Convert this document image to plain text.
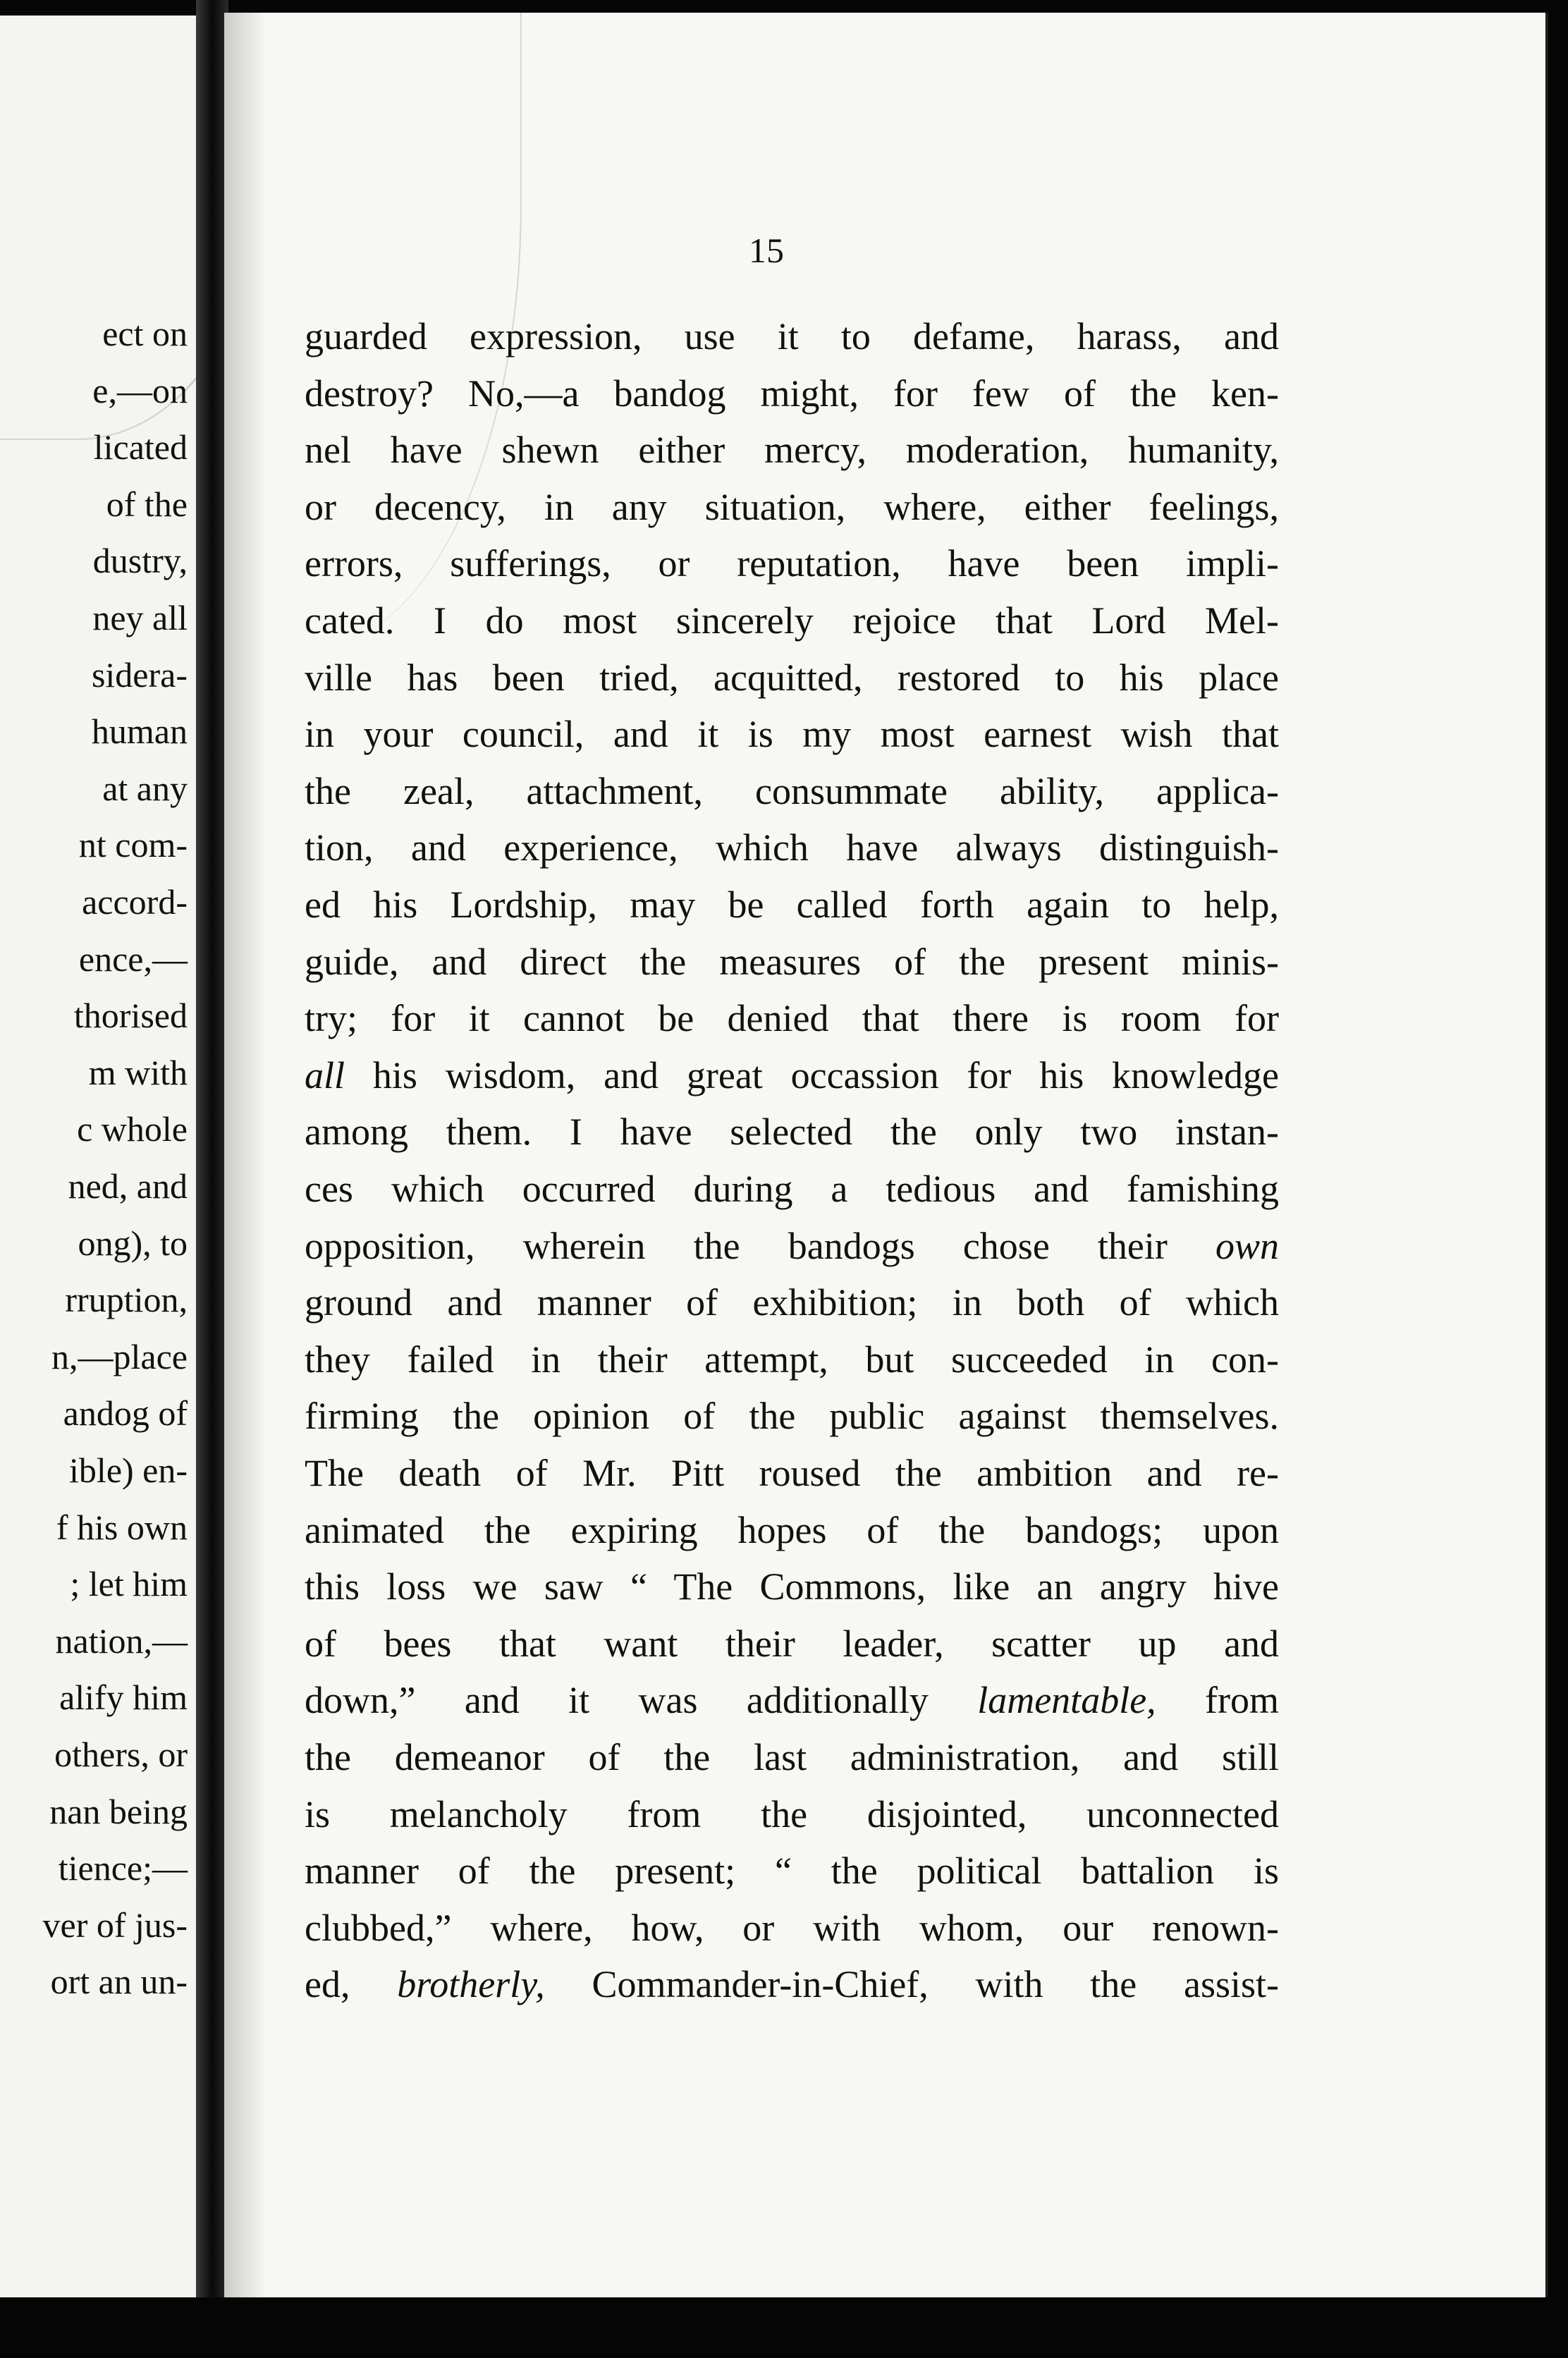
ect on
e,—on
licated
of the
dustry,
ney all
sidera-
human
at any
nt com-
accord-
ence,—
thorised
m with
c whole
ned, and
ong), to
rruption,
n,—place
andog of
ible) en-
f his own
; let him
nation,—
alify him
others, or
nan being
tience;—
ver of jus-
ort an un-
15
guarded expression, use it to defame, harass, and
destroy? No,—a bandog might, for few of the ken-
nel have shewn either mercy, moderation, humanity,
or decency, in any situation, where, either feelings,
errors, sufferings, or reputation, have been impli-
cated. I do most sincerely rejoice that Lord Mel-
ville has been tried, acquitted, restored to his place
in your council, and it is my most earnest wish that
the zeal, attachment, consummate ability, applica-
tion, and experience, which have always distinguish-
ed his Lordship, may be called forth again to help,
guide, and direct the measures of the present minis-
try; for it cannot be denied that there is room for
all his wisdom, and great occassion for his knowledge
among them. I have selected the only two instan-
ces which occurred during a tedious and famishing
opposition, wherein the bandogs chose their own
ground and manner of exhibition; in both of which
they failed in their attempt, but succeeded in con-
firming the opinion of the public against themselves.
The death of Mr. Pitt roused the ambition and re-
animated the expiring hopes of the bandogs; upon
this loss we saw “ The Commons, like an angry hive
of bees that want their leader, scatter up and
down,” and it was additionally lamentable, from
the demeanor of the last administration, and still
is melancholy from the disjointed, unconnected
manner of the present; “ the political battalion is
clubbed,” where, how, or with whom, our renown-
ed, brotherly, Commander-in-Chief, with the assist-
